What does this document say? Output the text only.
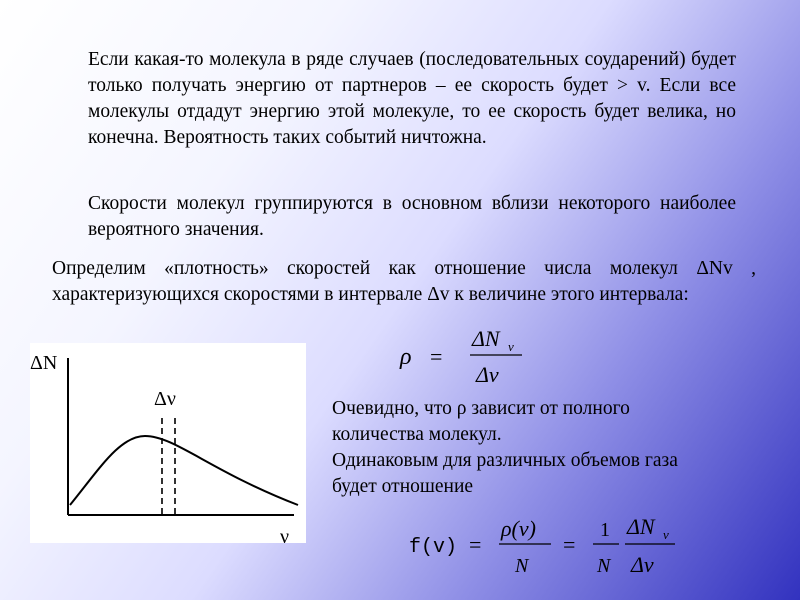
Если какая-то молекула в ряде случаев (последовательных соударений) будет только получать энергию от партнеров – ее скорость будет > v. Если все молекулы отдадут энергию этой молекуле, то ее скорость будет велика, но конечна. Вероятность таких событий ничтожна.

Скорости молекул группируются в основном вблизи некоторого наиболее вероятного значения.

Определим «плотность» скоростей как отношение числа молекул ΔNv , характеризующихся скоростями в интервале Δv к величине этого интервала:

ΔN
ν
Δν
ρ =
ΔN v
Δv
Очевидно, что ρ зависит от полного
количества молекул.
Одинаковым для различных объемов газа
будет отношение
f(v) =
ρ(v)
N
=
1
N
ΔN v
Δv
